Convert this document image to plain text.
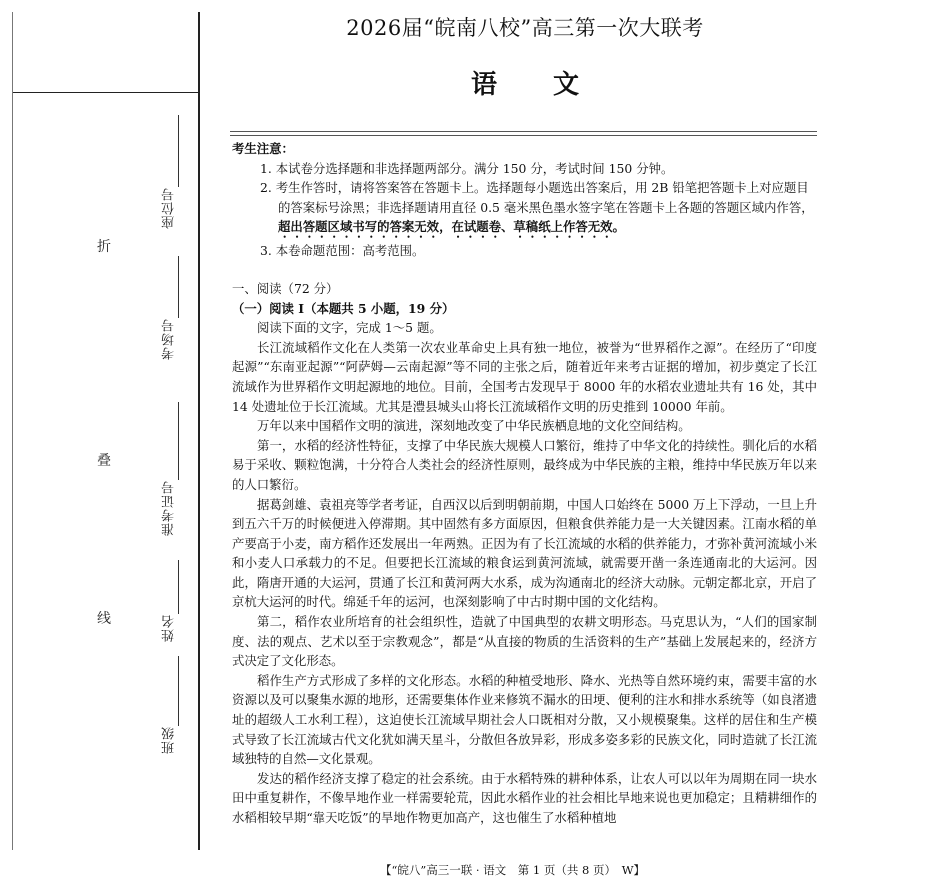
折
叠
线
座位号
考场号
准考证号
姓名
班级
2026届“皖南八校”高三第一次大联考
语 文

考生注意：

1. 本试卷分选择题和非选择题两部分。满分 150 分，考试时间 150 分钟。

2. 考生作答时，请将答案答在答题卡上。选择题每小题选出答案后，用 2B 铅笔把答题卡上对应题目的答案标号涂黑；非选择题请用直径 0.5 毫米黑色墨水签字笔在答题卡上各题的答题区域内作答，超出答题区域书写的答案无效，在试题卷、草稿纸上作答无效。

3. 本卷命题范围：高考范围。

一、阅读（72 分）

（一）阅读 Ⅰ（本题共 5 小题，19 分）

阅读下面的文字，完成 1～5 题。

长江流域稻作文化在人类第一次农业革命史上具有独一地位，被誉为“世界稻作之源”。在经历了“印度起源”“东南亚起源”“阿萨姆—云南起源”等不同的主张之后，随着近年来考古证据的增加，初步奠定了长江流域作为世界稻作文明起源地的地位。目前，全国考古发现早于 8000 年的水稻农业遗址共有 16 处，其中 14 处遗址位于长江流域。尤其是澧县城头山将长江流域稻作文明的历史推到 10000 年前。

万年以来中国稻作文明的演进，深刻地改变了中华民族栖息地的文化空间结构。

第一，水稻的经济性特征，支撑了中华民族大规模人口繁衍，维持了中华文化的持续性。驯化后的水稻易于采收、颗粒饱满，十分符合人类社会的经济性原则，最终成为中华民族的主粮，维持中华民族万年以来的人口繁衍。

据葛剑雄、袁祖亮等学者考证，自西汉以后到明朝前期，中国人口始终在 5000 万上下浮动，一旦上升到五六千万的时候便进入停滞期。其中固然有多方面原因，但粮食供养能力是一大关键因素。江南水稻的单产要高于小麦，南方稻作还发展出一年两熟。正因为有了长江流域的水稻的供养能力，才弥补黄河流域小米和小麦人口承载力的不足。但要把长江流域的粮食运到黄河流域，就需要开凿一条连通南北的大运河。因此，隋唐开通的大运河，贯通了长江和黄河两大水系，成为沟通南北的经济大动脉。元朝定都北京，开启了京杭大运河的时代。绵延千年的运河，也深刻影响了中古时期中国的文化结构。

第二，稻作农业所培育的社会组织性，造就了中国典型的农耕文明形态。马克思认为，“人们的国家制度、法的观点、艺术以至于宗教观念”，都是“从直接的物质的生活资料的生产”基础上发展起来的，经济方式决定了文化形态。

稻作生产方式形成了多样的文化形态。水稻的种植受地形、降水、光热等自然环境约束，需要丰富的水资源以及可以聚集水源的地形，还需要集体作业来修筑不漏水的田埂、便利的注水和排水系统等（如良渚遗址的超级人工水利工程），这迫使长江流域早期社会人口既相对分散，又小规模聚集。这样的居住和生产模式导致了长江流域古代文化犹如满天星斗，分散但各放异彩，形成多姿多彩的民族文化，同时造就了长江流域独特的自然—文化景观。

发达的稻作经济支撑了稳定的社会系统。由于水稻特殊的耕种体系，让农人可以以年为周期在同一块水田中重复耕作，不像旱地作业一样需要轮荒，因此水稻作业的社会相比旱地来说也更加稳定；且精耕细作的水稻相较早期“靠天吃饭”的旱地作物更加高产，这也催生了水稻种植地

【“皖八”高三一联 · 语文　第 1 页（共 8 页）　W】
